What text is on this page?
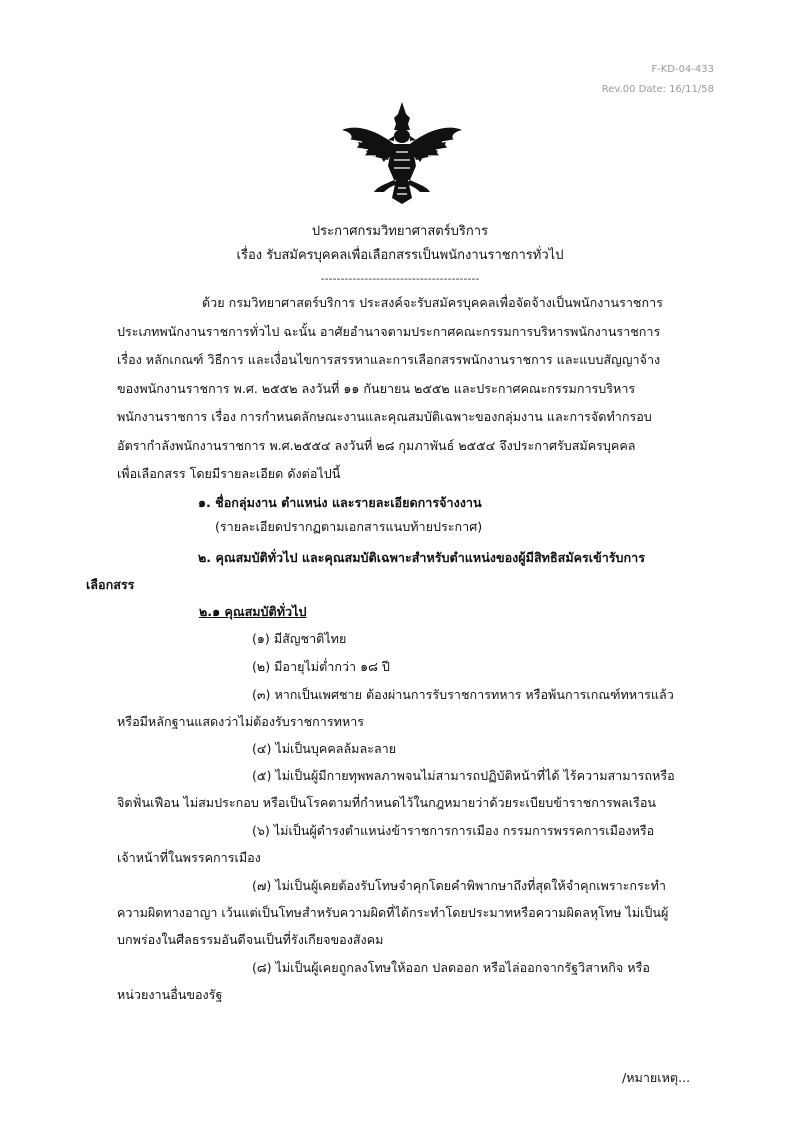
F-KD-04-433
Rev.00 Date: 16/11/58
ประกาศกรมวิทยาศาสตร์บริการ
เรื่อง รับสมัครบุคคลเพื่อเลือกสรรเป็นพนักงานราชการทั่วไป
----------------------------------------
ด้วย กรมวิทยาศาสตร์บริการ ประสงค์จะรับสมัครบุคคลเพื่อจัดจ้างเป็นพนักงานราชการ
ประเภทพนักงานราชการทั่วไป ฉะนั้น อาศัยอำนาจตามประกาศคณะกรรมการบริหารพนักงานราชการ
เรื่อง หลักเกณฑ์ วิธีการ และเงื่อนไขการสรรหาและการเลือกสรรพนักงานราชการ และแบบสัญญาจ้าง
ของพนักงานราชการ พ.ศ. ๒๕๕๒ ลงวันที่ ๑๑ กันยายน ๒๕๕๒ และประกาศคณะกรรมการบริหาร
พนักงานราชการ เรื่อง การกำหนดลักษณะงานและคุณสมบัติเฉพาะของกลุ่มงาน และการจัดทำกรอบ
อัตรากำลังพนักงานราชการ พ.ศ.๒๕๕๔ ลงวันที่ ๒๘ กุมภาพันธ์ ๒๕๕๔ จึงประกาศรับสมัครบุคคล
เพื่อเลือกสรร โดยมีรายละเอียด ดังต่อไปนี้
๑. ชื่อกลุ่มงาน ตำแหน่ง และรายละเอียดการจ้างงาน
(รายละเอียดปรากฏตามเอกสารแนบท้ายประกาศ)
๒. คุณสมบัติทั่วไป และคุณสมบัติเฉพาะสำหรับตำแหน่งของผู้มีสิทธิสมัครเข้ารับการ
เลือกสรร
๒.๑ คุณสมบัติทั่วไป
(๑) มีสัญชาติไทย
(๒) มีอายุไม่ต่ำกว่า ๑๘ ปี
(๓) หากเป็นเพศชาย ต้องผ่านการรับราชการทหาร หรือพ้นการเกณฑ์ทหารแล้ว
หรือมีหลักฐานแสดงว่าไม่ต้องรับราชการทหาร
(๔) ไม่เป็นบุคคลล้มละลาย
(๕) ไม่เป็นผู้มีกายทุพพลภาพจนไม่สามารถปฏิบัติหน้าที่ได้ ไร้ความสามารถหรือ
จิตฟั่นเฟือน ไม่สมประกอบ หรือเป็นโรคตามที่กำหนดไว้ในกฎหมายว่าด้วยระเบียบข้าราชการพลเรือน
(๖) ไม่เป็นผู้ดำรงตำแหน่งข้าราชการการเมือง กรรมการพรรคการเมืองหรือ
เจ้าหน้าที่ในพรรคการเมือง
(๗) ไม่เป็นผู้เคยต้องรับโทษจำคุกโดยคำพิพากษาถึงที่สุดให้จำคุกเพราะกระทำ
ความผิดทางอาญา เว้นแต่เป็นโทษสำหรับความผิดที่ได้กระทำโดยประมาทหรือความผิดลหุโทษ ไม่เป็นผู้
บกพร่องในศีลธรรมอันดีจนเป็นที่รังเกียจของสังคม
(๘) ไม่เป็นผู้เคยถูกลงโทษให้ออก ปลดออก หรือไล่ออกจากรัฐวิสาหกิจ หรือ
หน่วยงานอื่นของรัฐ
/หมายเหตุ...
